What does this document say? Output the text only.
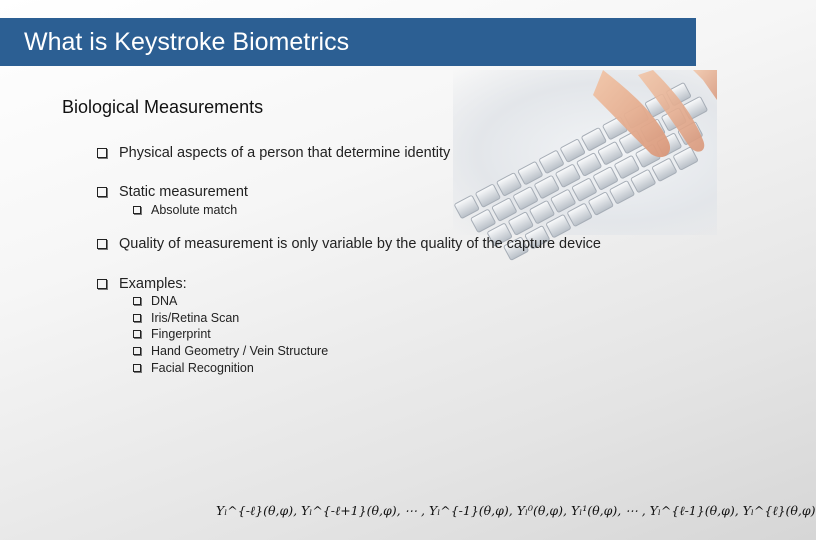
What is Keystroke Biometrics
Biological Measurements
Physical aspects of a person that determine identity
Static measurement
Absolute match
Quality of measurement is only variable by the quality of the capture device
Examples:
DNA
Iris/Retina Scan
Fingerprint
Hand Geometry / Vein Structure
Facial Recognition
Yₗ^{-ℓ}(θ,φ), Yₗ^{-ℓ+1}(θ,φ), ⋯ , Yₗ^{-1}(θ,φ), Yₗ⁰(θ,φ), Yₗ¹(θ,φ), ⋯ , Yₗ^{ℓ-1}(θ,φ), Yₗ^{ℓ}(θ,φ)
